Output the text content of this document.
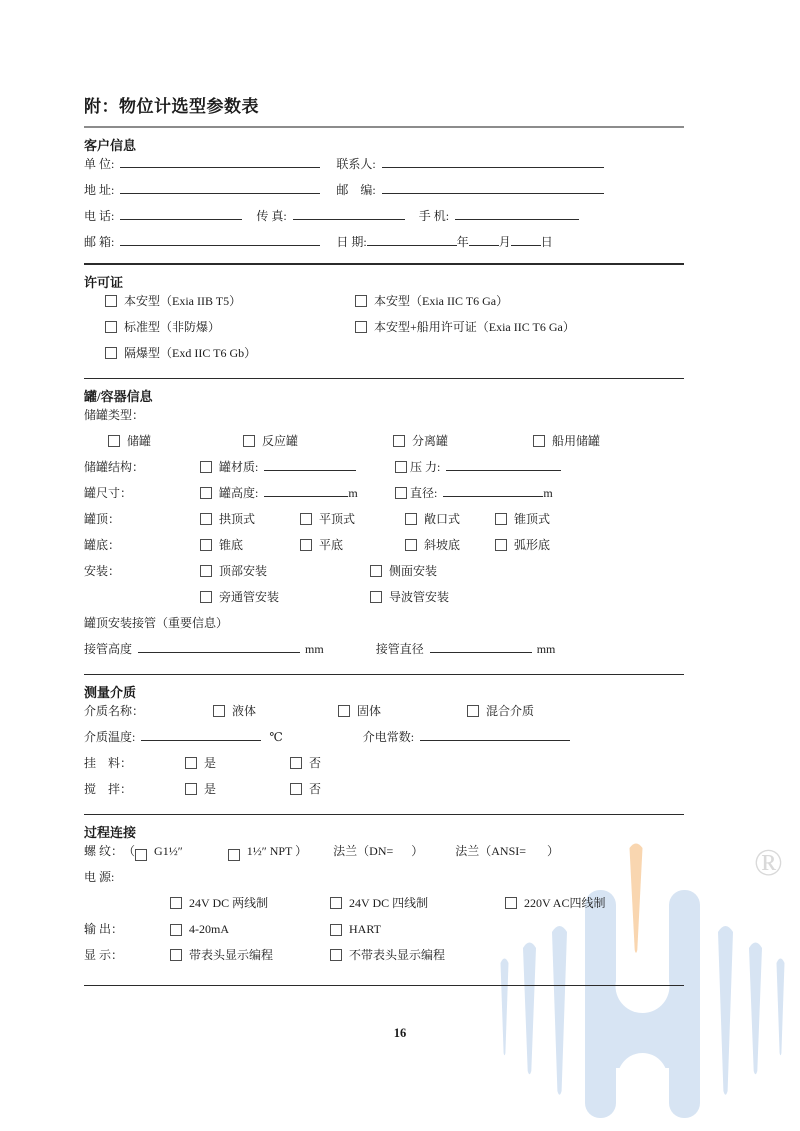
®
附：物位计选型参数表
客户信息
单 位:	联系人:
地 址:	邮　编:
电 话:	传 真:	手 机:
邮 箱:	日 期:	年	月	日
许可证
本安型（Exia IIB T5）	本安型（Exia IIC T6 Ga）
标准型（非防爆）	本安型+船用许可证（Exia IIC T6 Ga）
隔爆型（Exd IIC T6 Gb）
罐/容器信息
储罐类型：
储罐	反应罐	分离罐	船用储罐
储罐结构：	罐材质:	压 力:
罐尺寸：	罐高度:	m	直径:	m
罐顶：	拱顶式	平顶式	敞口式	锥顶式
罐底：	锥底	平底	斜坡底	弧形底
安装：	顶部安装	侧面安装
旁通管安装	导波管安装
罐顶安装接管（重要信息）
接管高度	mm	接管直径	mm
测量介质
介质名称：	液体	固体	混合介质
介质温度:	℃	介电常数:
挂　料：	是	否
搅　拌：	是	否
过程连接
螺 纹： （ G1½″	1½″ NPT ） 法兰（DN=      ）	法兰（ANSI=       ）
电 源:
24V DC 两线制	24V DC 四线制	220V AC四线制
输 出：	4-20mA	HART
显 示：	带表头显示编程	不带表头显示编程
16
